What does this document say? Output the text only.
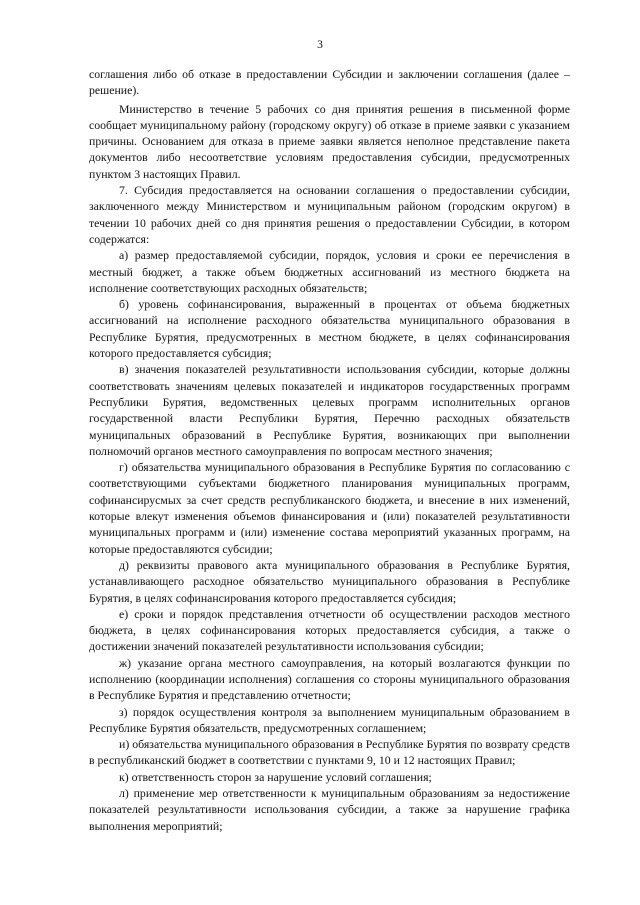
3

соглашения либо об отказе в предоставлении Субсидии и заключении соглашения (далее – решение).

Министерство в течение 5 рабочих со дня принятия решения в письменной форме сообщает муниципальному району (городскому округу) об отказе в приеме заявки с указанием причины. Основанием для отказа в приеме заявки является неполное представление пакета документов либо несоответствие условиям предоставления субсидии, предусмотренных пунктом 3 настоящих Правил.

7. Субсидия предоставляется на основании соглашения о предоставлении субсидии, заключенного между Министерством и муниципальным районом (городским округом) в течении 10 рабочих дней со дня принятия решения о предоставлении Субсидии, в котором содержатся:

а) размер предоставляемой субсидии, порядок, условия и сроки ее перечисления в местный бюджет, а также объем бюджетных ассигнований из местного бюджета на исполнение соответствующих расходных обязательств;

б) уровень софинансирования, выраженный в процентах от объема бюджетных ассигнований на исполнение расходного обязательства муниципального образования в Республике Бурятия, предусмотренных в местном бюджете, в целях софинансирования которого предоставляется субсидия;

в) значения показателей результативности использования субсидии, которые должны соответствовать значениям целевых показателей и индикаторов государственных программ Республики Бурятия, ведомственных целевых программ исполнительных органов государственной власти Республики Бурятия, Перечню расходных обязательств муниципальных образований в Республике Бурятия, возникающих при выполнении полномочий органов местного самоуправления по вопросам местного значения;

г) обязательства муниципального образования в Республике Бурятия по согласованию с соответствующими субъектами бюджетного планирования муниципальных программ, софинансирусмых за счет средств республиканского бюджета, и внесение в них изменений, которые влекут изменения объемов финансирования и (или) показателей результативности муниципальных программ и (или) изменение состава мероприятий указанных программ, на которые предоставляются субсидии;

д) реквизиты правового акта муниципального образования в Республике Бурятия, устанавливающего расходное обязательство муниципального образования в Республике Бурятия, в целях софинансирования которого предоставляется субсидия;

е) сроки и порядок представления отчетности об осуществлении расходов местного бюджета, в целях софинансирования которых предоставляется субсидия, а также о достижении значений показателей результативности использования субсидии;

ж) указание органа местного самоуправления, на который возлагаются функции по исполнению (координации исполнения) соглашения со стороны муниципального образования в Республике Бурятия и представлению отчетности;

з) порядок осуществления контроля за выполнением муниципальным образованием в Республике Бурятия обязательств, предусмотренных соглашением;

и) обязательства муниципального образования в Республике Бурятия по возврату средств в республиканский бюджет в соответствии с пунктами 9, 10 и 12 настоящих Правил;

к) ответственность сторон за нарушение условий соглашения;

л) применение мер ответственности к муниципальным образованиям за недостижение показателей результативности использования субсидии, а также за нарушение графика выполнения мероприятий;
